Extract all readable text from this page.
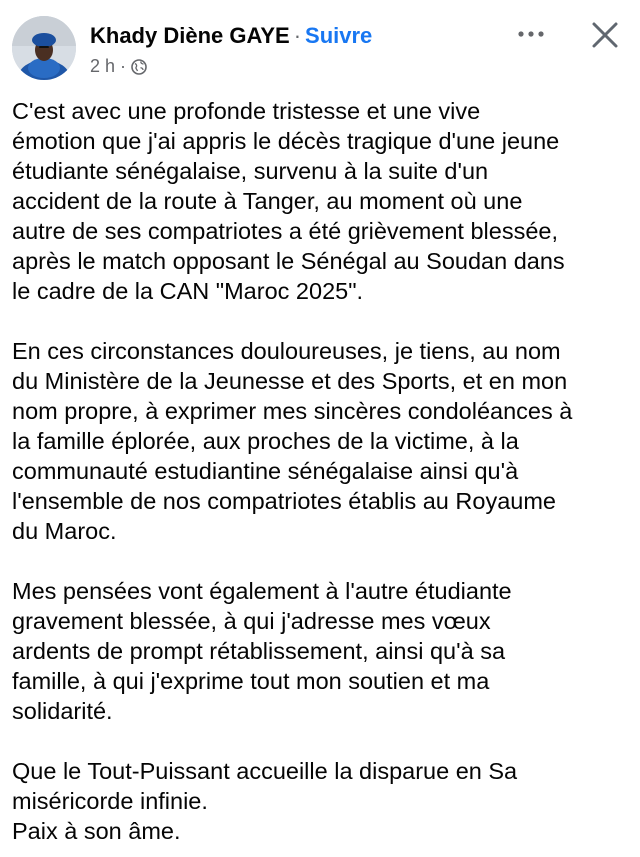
Khady Diène GAYE · Suivre
2 h ·

C'est avec une profonde tristesse et une vive
émotion que j'ai appris le décès tragique d'une jeune
étudiante sénégalaise, survenu à la suite d'un
accident de la route à Tanger, au moment où une
autre de ses compatriotes a été grièvement blessée,
après le match opposant le Sénégal au Soudan dans
le cadre de la CAN "Maroc 2025".

En ces circonstances douloureuses, je tiens, au nom
du Ministère de la Jeunesse et des Sports, et en mon
nom propre, à exprimer mes sincères condoléances à
la famille éplorée, aux proches de la victime, à la
communauté estudiantine sénégalaise ainsi qu'à
l'ensemble de nos compatriotes établis au Royaume
du Maroc.

Mes pensées vont également à l'autre étudiante
gravement blessée, à qui j'adresse mes vœux
ardents de prompt rétablissement, ainsi qu'à sa
famille, à qui j'exprime tout mon soutien et ma
solidarité.

Que le Tout-Puissant accueille la disparue en Sa
miséricorde infinie.
Paix à son âme.
